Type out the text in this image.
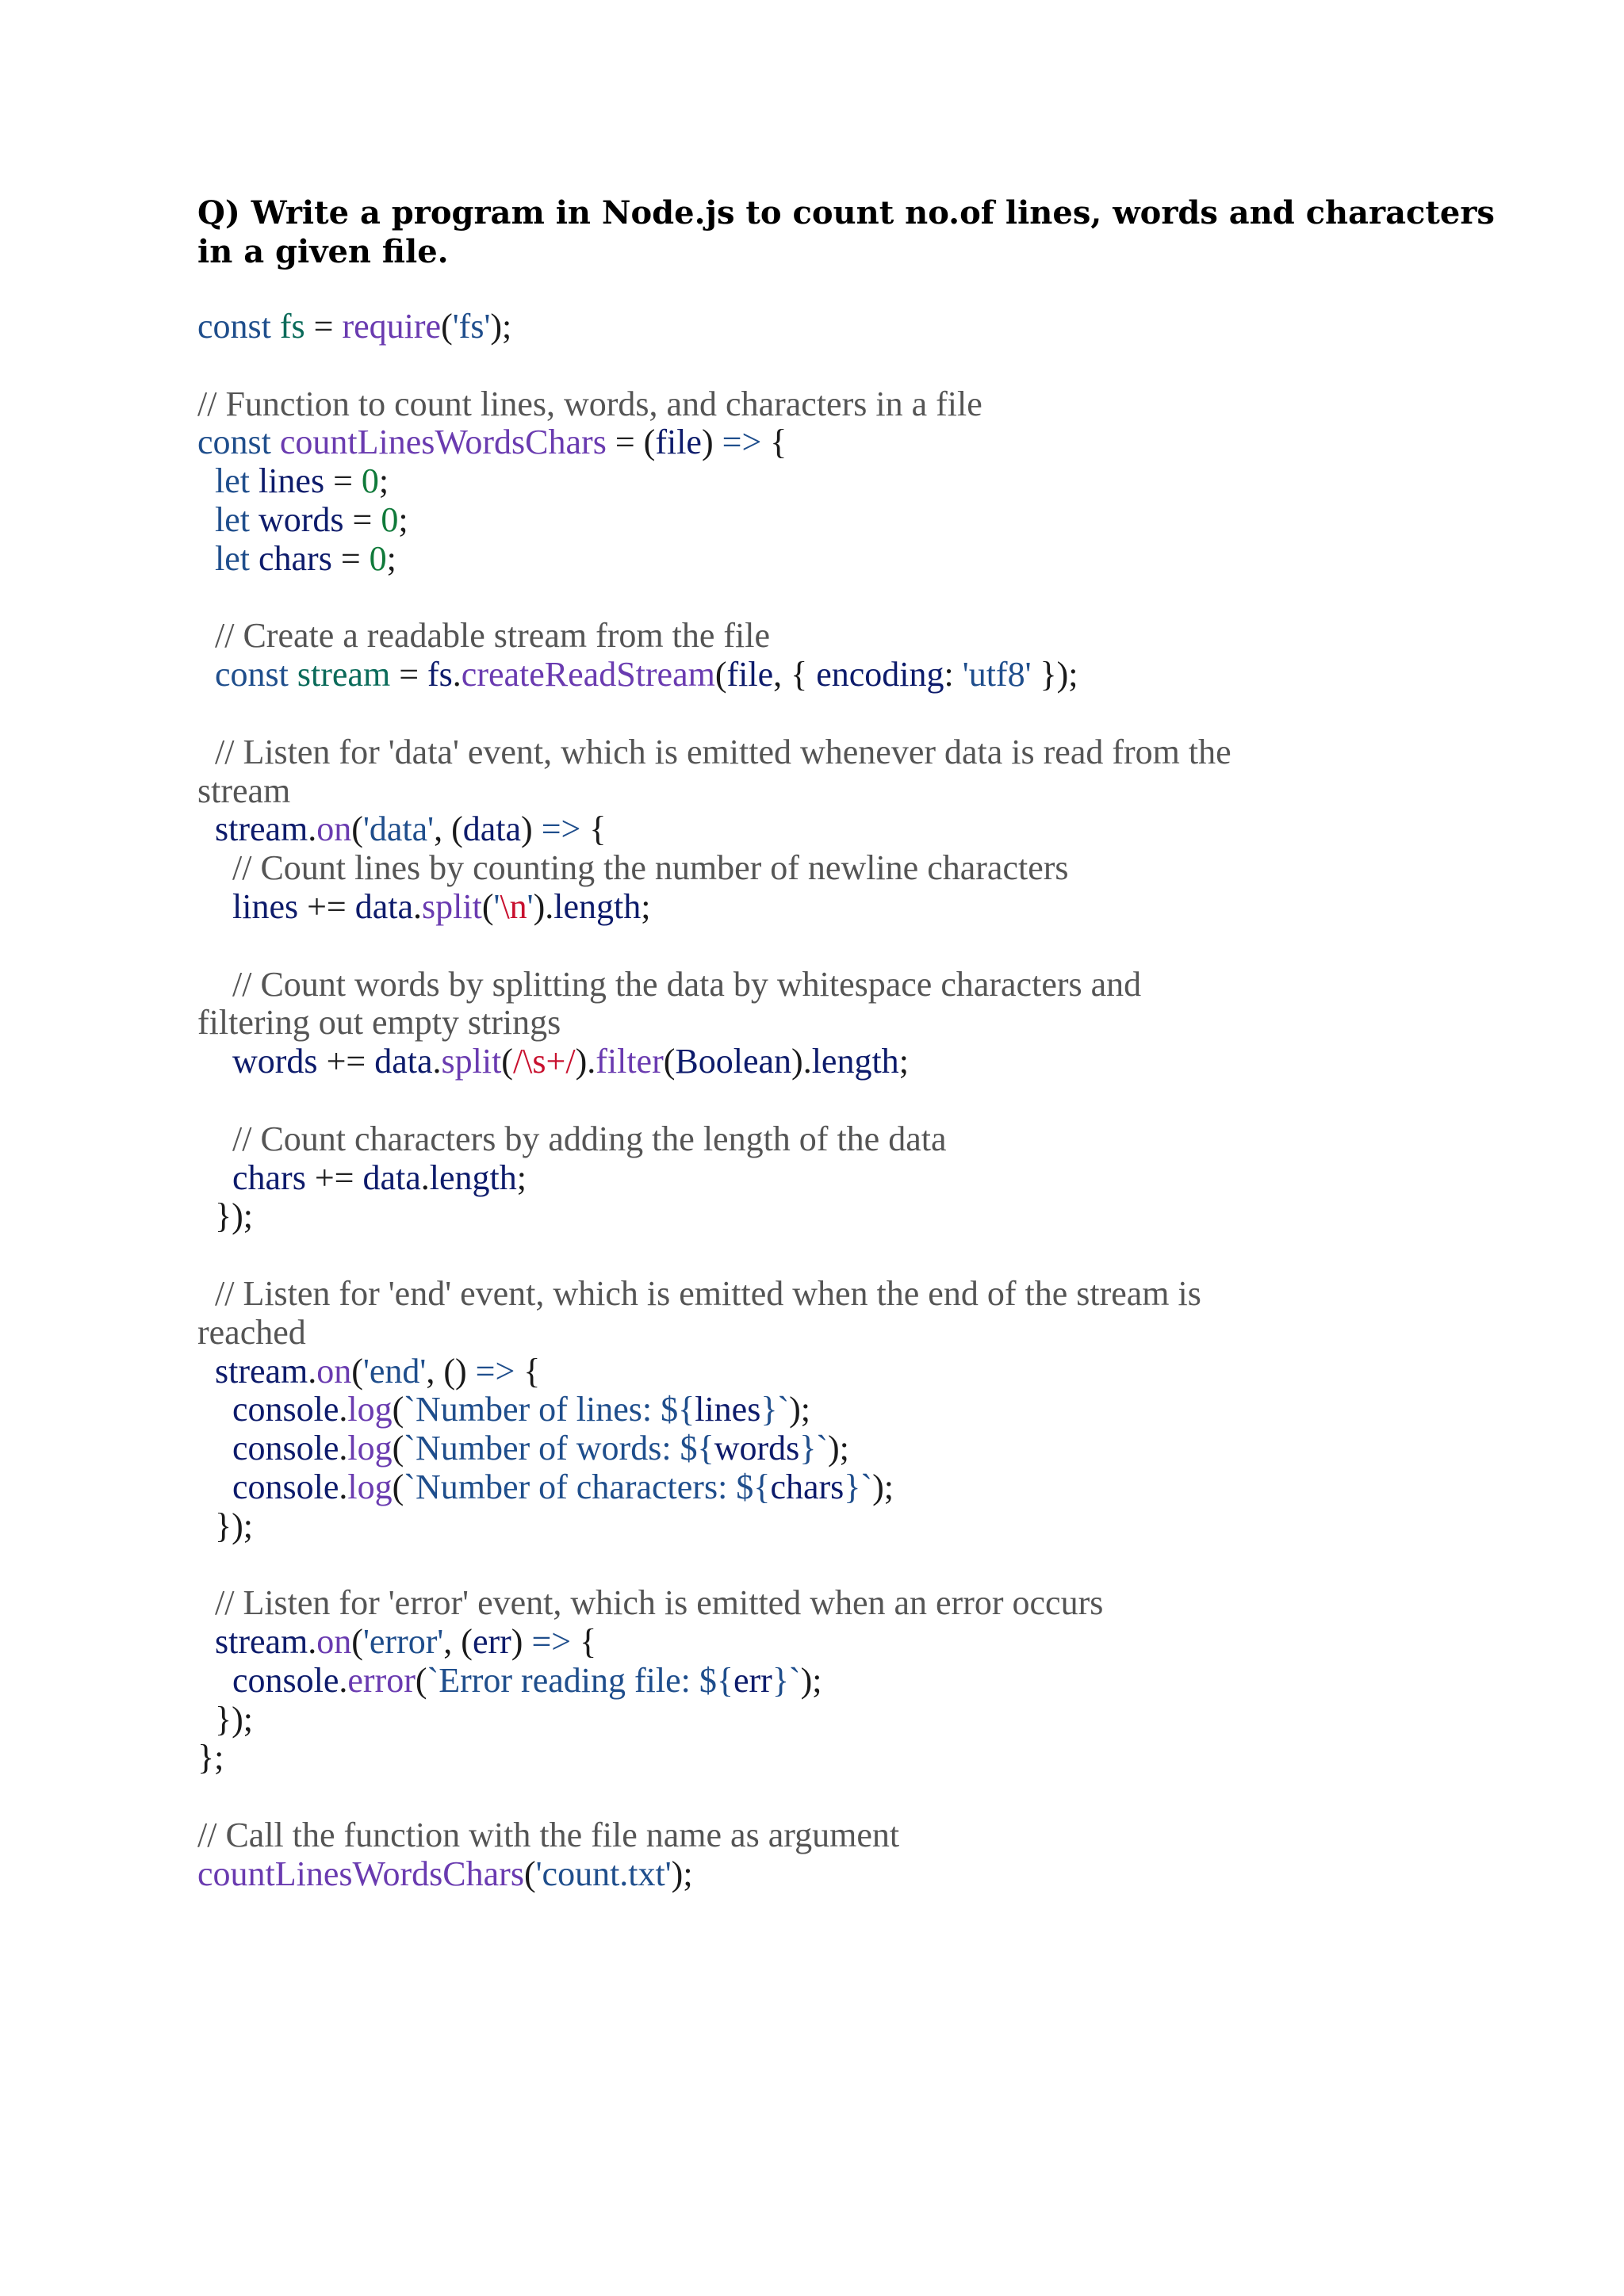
Q) Write a program in Node.js to count no.of lines, words and characters in a given file.

const fs = require('fs');
// Function to count lines, words, and characters in a file
const countLinesWordsChars = (file) => {
let lines = 0;
let words = 0;
let chars = 0;
// Create a readable stream from the file
const stream = fs.createReadStream(file, { encoding: 'utf8' });
// Listen for 'data' event, which is emitted whenever data is read from the
stream
stream.on('data', (data) => {
// Count lines by counting the number of newline characters
lines += data.split('\n').length;
// Count words by splitting the data by whitespace characters and
filtering out empty strings
words += data.split(/\s+/).filter(Boolean).length;
// Count characters by adding the length of the data
chars += data.length;
});
// Listen for 'end' event, which is emitted when the end of the stream is
reached
stream.on('end', () => {
console.log(`Number of lines: ${lines}`);
console.log(`Number of words: ${words}`);
console.log(`Number of characters: ${chars}`);
});
// Listen for 'error' event, which is emitted when an error occurs
stream.on('error', (err) => {
console.error(`Error reading file: ${err}`);
});
};
// Call the function with the file name as argument
countLinesWordsChars('count.txt');
